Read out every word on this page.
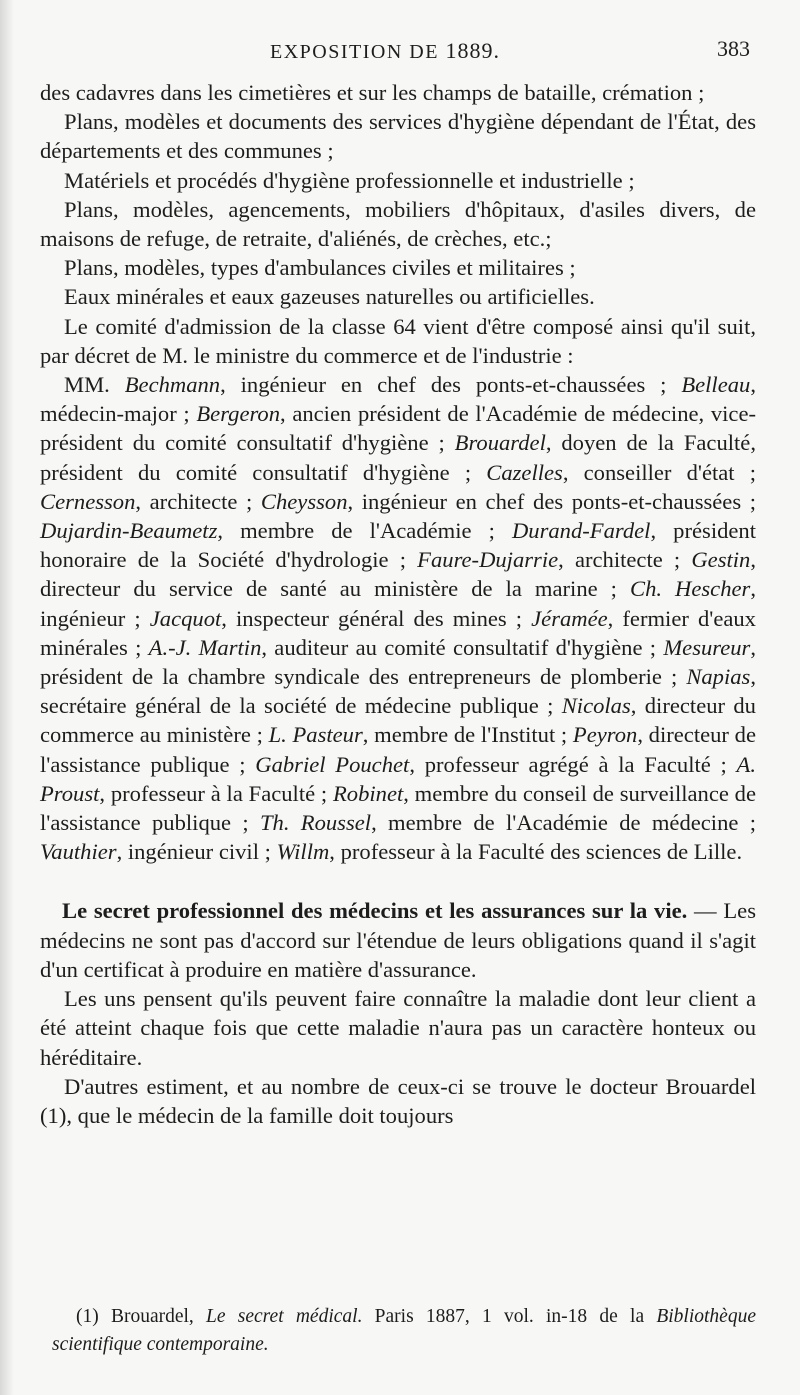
EXPOSITION DE 1889.	383

des cadavres dans les cimetières et sur les champs de bataille, crémation ;

Plans, modèles et documents des services d'hygiène dépendant de l'État, des départements et des communes ;

Matériels et procédés d'hygiène professionnelle et industrielle ;

Plans, modèles, agencements, mobiliers d'hôpitaux, d'asiles divers, de maisons de refuge, de retraite, d'aliénés, de crèches, etc.;

Plans, modèles, types d'ambulances civiles et militaires ;

Eaux minérales et eaux gazeuses naturelles ou artificielles.

Le comité d'admission de la classe 64 vient d'être composé ainsi qu'il suit, par décret de M. le ministre du commerce et de l'industrie :

MM. Bechmann, ingénieur en chef des ponts-et-chaussées ; Belleau, médecin-major ; Bergeron, ancien président de l'Académie de médecine, vice-président du comité consultatif d'hygiène ; Brouardel, doyen de la Faculté, président du comité consultatif d'hygiène ; Cazelles, conseiller d'état ; Cernesson, architecte ; Cheysson, ingénieur en chef des ponts-et-chaussées ; Dujardin-Beaumetz, membre de l'Académie ; Durand-Fardel, président honoraire de la Société d'hydrologie ; Faure-Dujarrie, architecte ; Gestin, directeur du service de santé au ministère de la marine ; Ch. Hescher, ingénieur ; Jacquot, inspecteur général des mines ; Jéramée, fermier d'eaux minérales ; A.-J. Martin, auditeur au comité consultatif d'hygiène ; Mesureur, président de la chambre syndicale des entrepreneurs de plomberie ; Napias, secrétaire général de la société de médecine publique ; Nicolas, directeur du commerce au ministère ; L. Pasteur, membre de l'Institut ; Peyron, directeur de l'assistance publique ; Gabriel Pouchet, professeur agrégé à la Faculté ; A. Proust, professeur à la Faculté ; Robinet, membre du conseil de surveillance de l'assistance publique ; Th. Roussel, membre de l'Académie de médecine ; Vauthier, ingénieur civil ; Willm, professeur à la Faculté des sciences de Lille.

Le secret professionnel des médecins et les assurances sur la vie. — Les médecins ne sont pas d'accord sur l'étendue de leurs obligations quand il s'agit d'un certificat à produire en matière d'assurance.

Les uns pensent qu'ils peuvent faire connaître la maladie dont leur client a été atteint chaque fois que cette maladie n'aura pas un caractère honteux ou héréditaire.

D'autres estiment, et au nombre de ceux-ci se trouve le docteur Brouardel (1), que le médecin de la famille doit toujours

(1) Brouardel, Le secret médical. Paris 1887, 1 vol. in-18 de la Bibliothèque scientifique contemporaine.
